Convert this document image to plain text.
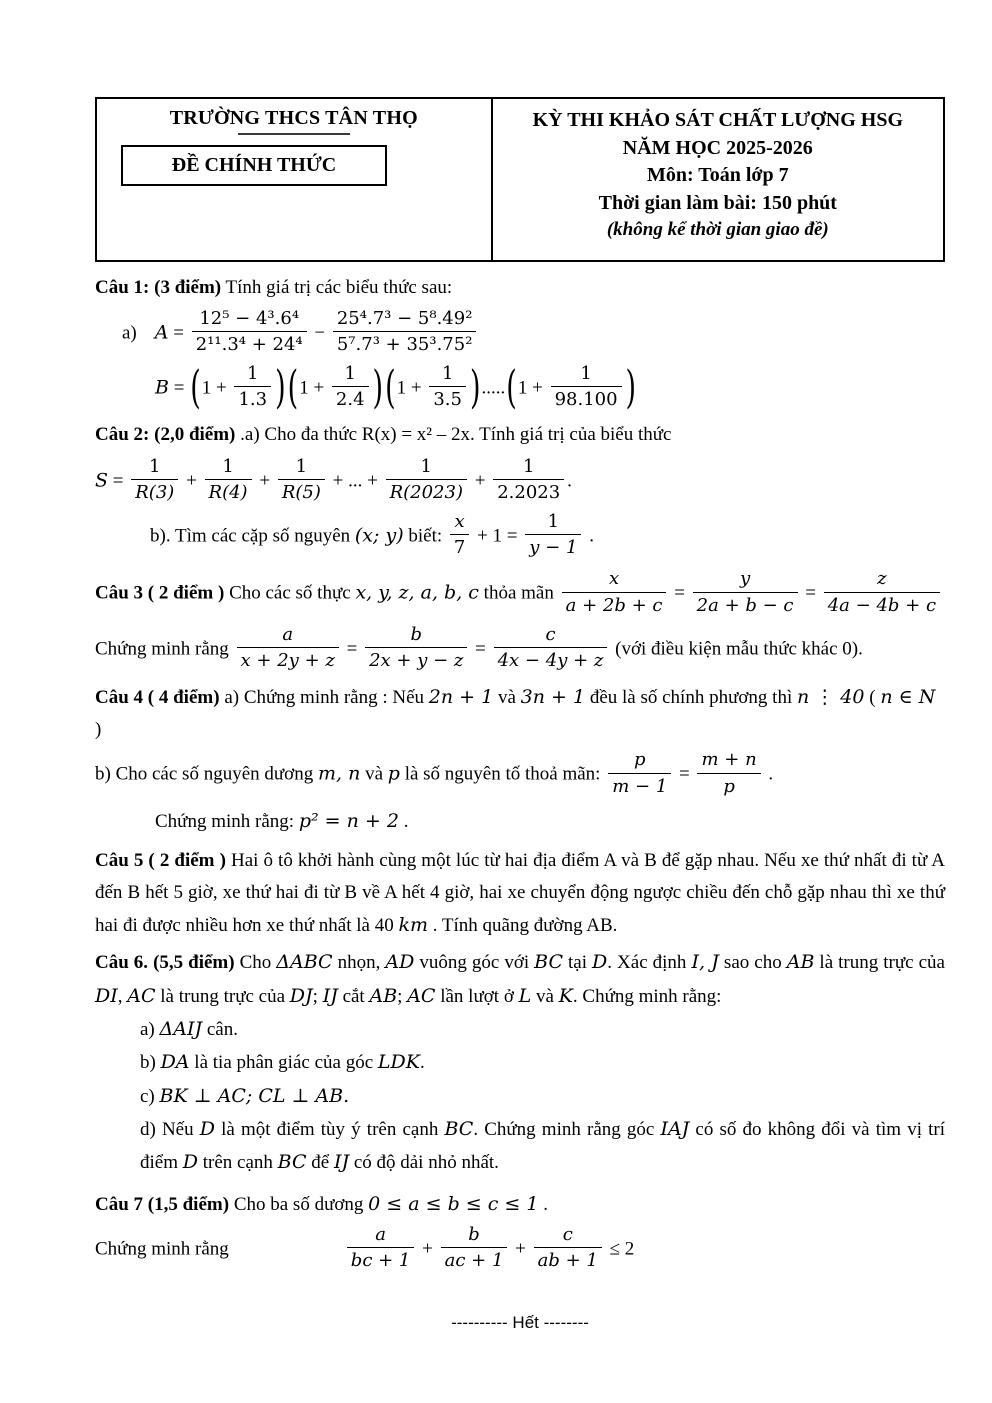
TRƯỜNG THCS TÂN THỌ
ĐỀ CHÍNH THỨC

KỲ THI KHẢO SÁT CHẤT LƯỢNG HSG
NĂM HỌC 2025-2026
Môn: Toán lớp 7
Thời gian làm bài: 150 phút
(không kể thời gian giao đề)
Câu 1: (3 điểm) Tính giá trị các biểu thức sau:
a) $A = \frac{\text{12⁵ − 4³.6⁴}}{\text{2¹¹.3⁴ + 24⁴}} - \frac{\text{25⁴.7³ − 5⁸.49²}}{\text{5⁷.7³ + 35³.75²}}$
$B = (1 + \frac{1}{1.3} )(1 + \frac{1}{2.4} )(1 + \frac{1}{3.5} ).....(1 + \frac{1}{98.100}$ )
Câu 2: (2,0 điểm) .a) Cho đa thức R(x) = x² – 2x. Tính giá trị của biểu thức
$S = \frac{1}{R(3)} + \frac{1}{R(4)} + \frac{1}{R(5)}$ + ... + $\frac{1}{R(2023)} + \frac{1}{2.2023}$ .
b). Tìm các cặp số nguyên (x; y) biết: $\frac{x}{7} + 1 = \frac{1}{y - 1}$ .
Câu 3 ( 2 điểm ) Cho các số thực x, y, z, a, b, c thỏa mãn $\frac{x}{a + 2b + c} = \frac{y}{2a + b - c} = \frac{z}{4a - 4b + c}$
Chứng minh rằng $\frac{a}{x + 2y + z} = \frac{b}{2x + y - z} = \frac{c}{4x - 4y + z}$ (với điều kiện mẫu thức khác 0).
Câu 4 ( 4 điểm) a) Chứng minh rằng : Nếu 2n + 1 và 3n + 1 đều là số chính phương thì n ⋮ 40 ( n ∈ N )
b) Cho các số nguyên dương m, n và p là số nguyên tố thoả mãn: $\frac{p}{m - 1} = \frac{m + n}{p}$ .
Chứng minh rằng: p² = n + 2 .
Câu 5 ( 2 điểm ) Hai ô tô khởi hành cùng một lúc từ hai địa điểm A và B để gặp nhau. Nếu xe thứ nhất đi từ A đến B hết 5 giờ, xe thứ hai đi từ B về A hết 4 giờ, hai xe chuyển động ngược chiều đến chỗ gặp nhau thì xe thứ hai đi được nhiều hơn xe thứ nhất là 40 km . Tính quãng đường AB.
Câu 6. (5,5 điểm) Cho ΔABC nhọn, AD vuông góc với BC tại D. Xác định I, J sao cho AB là trung trực của DI, AC là trung trực của DJ; IJ cắt AB; AC lần lượt ở L và K. Chứng minh rằng:
a) ΔAIJ cân.
b) DA là tia phân giác của góc LDK.
c) BK ⊥ AC; CL ⊥ AB.
d) Nếu D là một điểm tùy ý trên cạnh BC. Chứng minh rằng góc IAJ có số đo không đổi và tìm vị trí điểm D trên cạnh BC để IJ có độ dải nhỏ nhất.
Câu 7 (1,5 điểm) Cho ba số dương 0 ≤ a ≤ b ≤ c ≤ 1 .
Chứng minh rằng	$\frac{a}{bc + 1} + \frac{b}{ac + 1} + \frac{c}{ab + 1} \le 2$
---------- Hết --------
